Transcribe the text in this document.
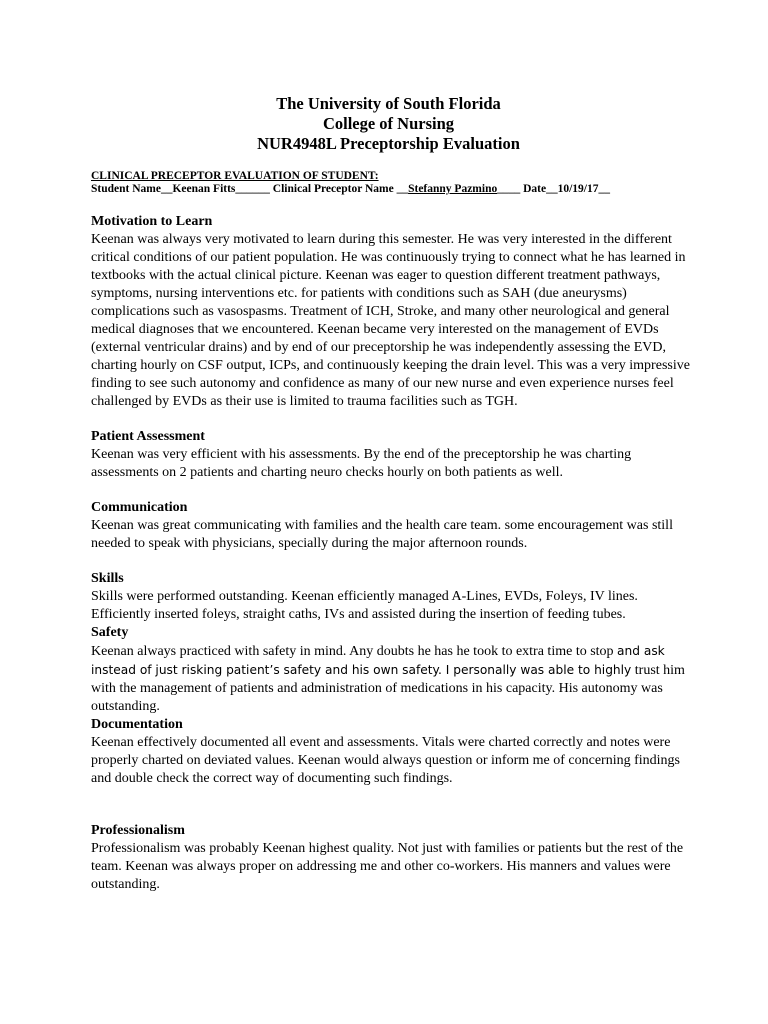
The University of South Florida
College of Nursing
NUR4948L Preceptorship Evaluation
CLINICAL PRECEPTOR EVALUATION OF STUDENT:
Student Name__Keenan Fitts______ Clinical Preceptor Name __Stefanny Pazmino____ Date__10/19/17__

Motivation to Learn

Keenan was always very motivated to learn during this semester. He was very interested in the different critical conditions of our patient population. He was continuously trying to connect what he has learned in textbooks with the actual clinical picture. Keenan was eager to question different treatment pathways, symptoms, nursing interventions etc. for patients with conditions such as SAH (due aneurysms) complications such as vasospasms. Treatment of ICH, Stroke, and many other neurological and general medical diagnoses that we encountered. Keenan became very interested on the management of EVDs (external ventricular drains) and by end of our preceptorship he was independently assessing the EVD, charting hourly on CSF output, ICPs, and continuously keeping the drain level. This was a very impressive finding to see such autonomy and confidence as many of our new nurse and even experience nurses feel challenged by EVDs as their use is limited to trauma facilities such as TGH.

Patient Assessment

Keenan was very efficient with his assessments. By the end of the preceptorship he was charting assessments on 2 patients and charting neuro checks hourly on both patients as well.

Communication

Keenan was great communicating with families and the health care team. some encouragement was still needed to speak with physicians, specially during the major afternoon rounds.

Skills

Skills were performed outstanding. Keenan efficiently managed A-Lines, EVDs, Foleys, IV lines. Efficiently inserted foleys, straight caths, IVs and assisted during the insertion of feeding tubes.

Safety

Keenan always practiced with safety in mind. Any doubts he has he took to extra time to stop and ask instead of just risking patient’s safety and his own safety. I personally was able to highly trust him with the management of patients and administration of medications in his capacity. His autonomy was outstanding.

Documentation

Keenan effectively documented all event and assessments. Vitals were charted correctly and notes were properly charted on deviated values. Keenan would always question or inform me of concerning findings and double check the correct way of documenting such findings.

Professionalism

Professionalism was probably Keenan highest quality. Not just with families or patients but the rest of the team. Keenan was always proper on addressing me and other co-workers. His manners and values were outstanding.
